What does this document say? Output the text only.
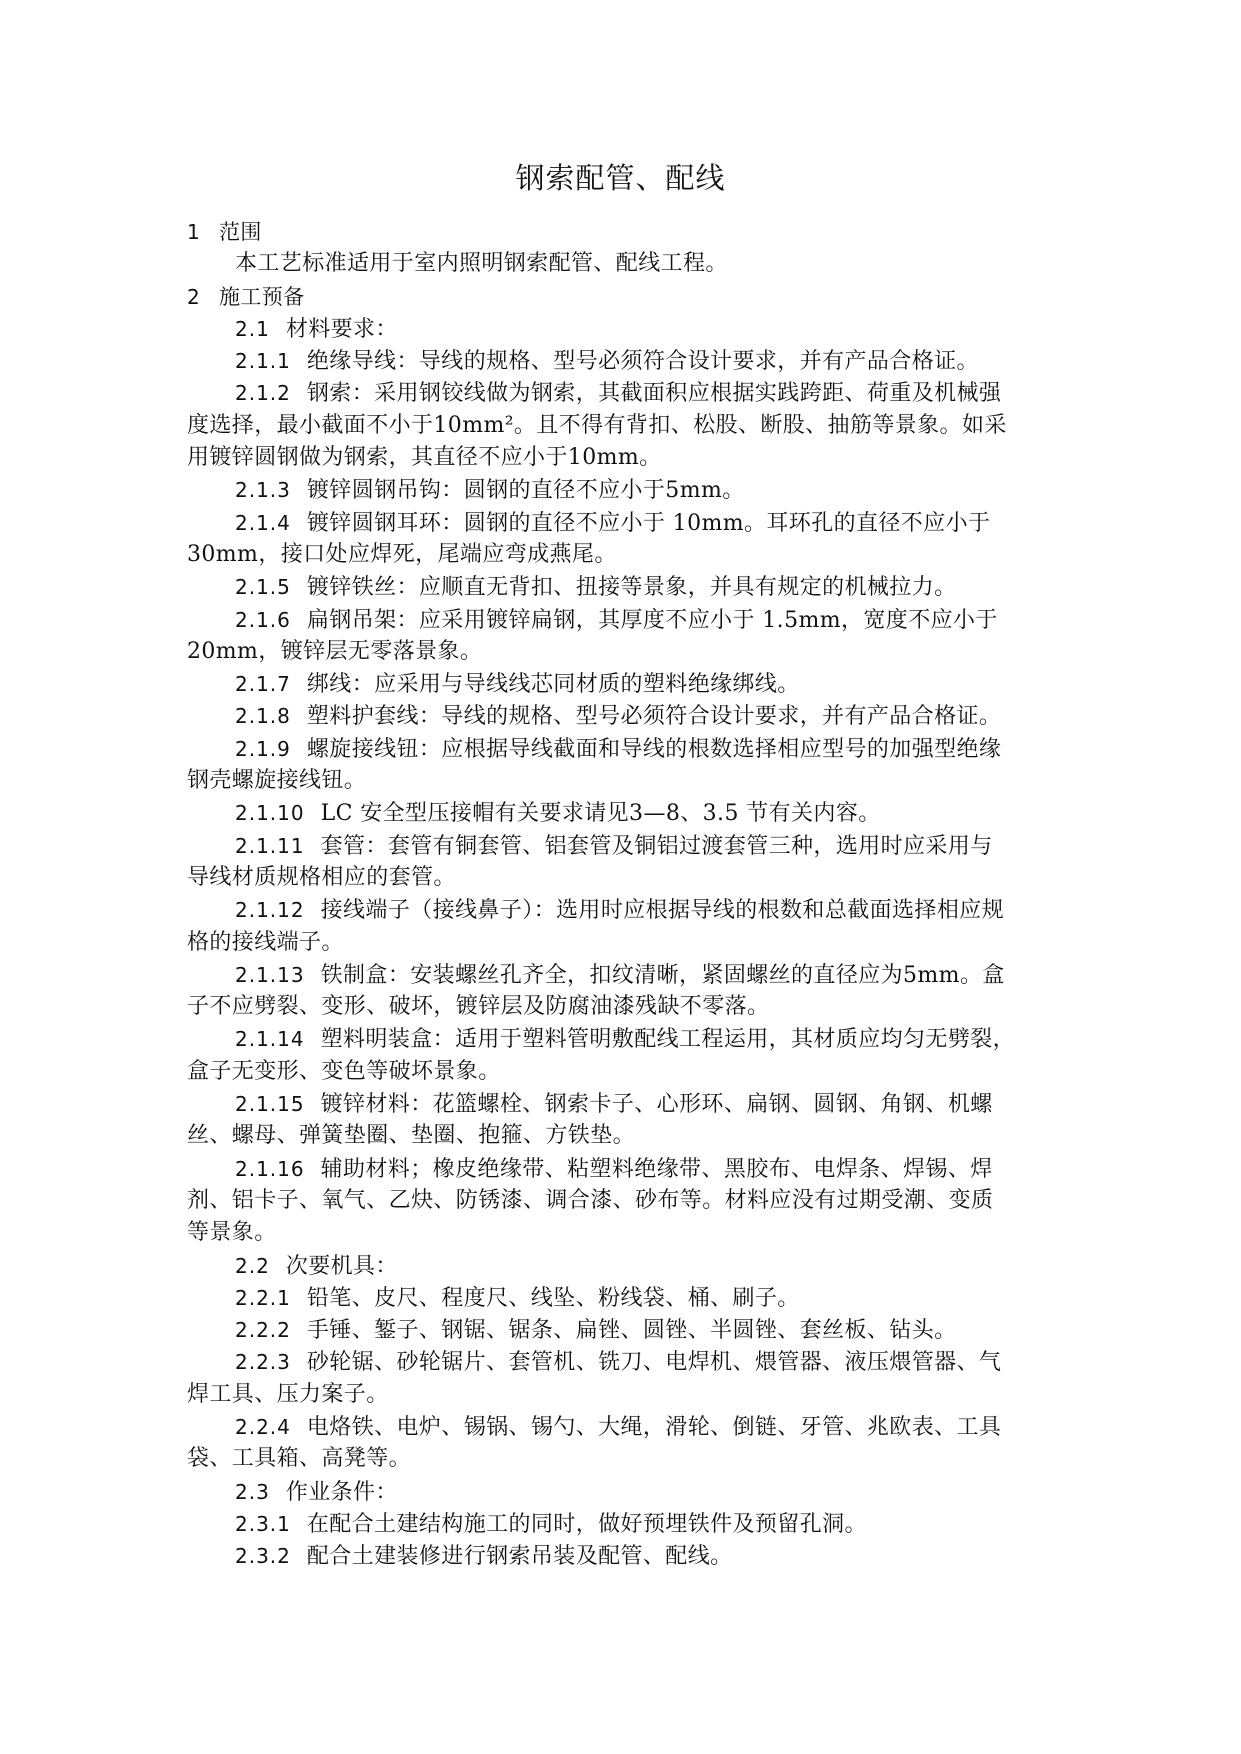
钢索配管、配线
1 范围
本工艺标准适用于室内照明钢索配管、配线工程。
2 施工预备
2.1 材料要求：
2.1.1 绝缘导线：导线的规格、型号必须符合设计要求，并有产品合格证。
2.1.2 钢索：采用钢铰线做为钢索，其截面积应根据实践跨距、荷重及机械强
度选择，最小截面不小于10mm²。且不得有背扣、松股、断股、抽筋等景象。如采
用镀锌圆钢做为钢索，其直径不应小于10mm。
2.1.3 镀锌圆钢吊钩：圆钢的直径不应小于5mm。
2.1.4 镀锌圆钢耳环：圆钢的直径不应小于 10mm。耳环孔的直径不应小于
30mm，接口处应焊死，尾端应弯成燕尾。
2.1.5 镀锌铁丝：应顺直无背扣、扭接等景象，并具有规定的机械拉力。
2.1.6 扁钢吊架：应采用镀锌扁钢，其厚度不应小于 1.5mm，宽度不应小于
20mm，镀锌层无零落景象。
2.1.7 绑线：应采用与导线线芯同材质的塑料绝缘绑线。
2.1.8 塑料护套线：导线的规格、型号必须符合设计要求，并有产品合格证。
2.1.9 螺旋接线钮：应根据导线截面和导线的根数选择相应型号的加强型绝缘
钢壳螺旋接线钮。
2.1.10 LC 安全型压接帽有关要求请见3—8、3.5 节有关内容。
2.1.11 套管：套管有铜套管、铝套管及铜铝过渡套管三种，选用时应采用与
导线材质规格相应的套管。
2.1.12 接线端子（接线鼻子）：选用时应根据导线的根数和总截面选择相应规
格的接线端子。
2.1.13 铁制盒：安装螺丝孔齐全，扣纹清晰，紧固螺丝的直径应为5mm。盒
子不应劈裂、变形、破坏，镀锌层及防腐油漆残缺不零落。
2.1.14 塑料明装盒：适用于塑料管明敷配线工程运用，其材质应均匀无劈裂，
盒子无变形、变色等破坏景象。
2.1.15 镀锌材料：花篮螺栓、钢索卡子、心形环、扁钢、圆钢、角钢、机螺
丝、螺母、弹簧垫圈、垫圈、抱箍、方铁垫。
2.1.16 辅助材料；橡皮绝缘带、粘塑料绝缘带、黑胶布、电焊条、焊锡、焊
剂、铝卡子、氧气、乙炔、防锈漆、调合漆、砂布等。材料应没有过期受潮、变质
等景象。
2.2 次要机具：
2.2.1 铅笔、皮尺、程度尺、线坠、粉线袋、桶、刷子。
2.2.2 手锤、錾子、钢锯、锯条、扁锉、圆锉、半圆锉、套丝板、钻头。
2.2.3 砂轮锯、砂轮锯片、套管机、铣刀、电焊机、煨管器、液压煨管器、气
焊工具、压力案子。
2.2.4 电烙铁、电炉、锡锅、锡勺、大绳，滑轮、倒链、牙管、兆欧表、工具
袋、工具箱、高凳等。
2.3 作业条件：
2.3.1 在配合土建结构施工的同时，做好预埋铁件及预留孔洞。
2.3.2 配合土建装修进行钢索吊装及配管、配线。
